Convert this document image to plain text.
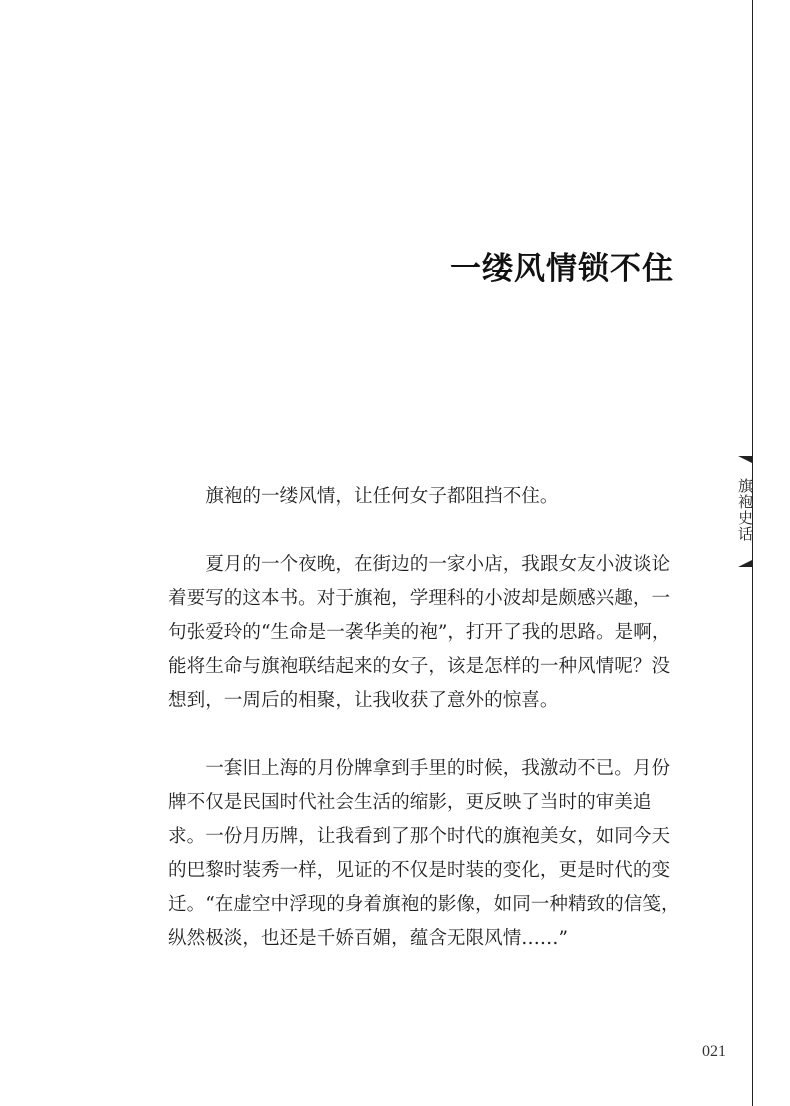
一缕风情锁不住

旗袍的一缕风情，让任何女子都阻挡不住。

夏月的一个夜晚，在街边的一家小店，我跟女友小波谈论着要写的这本书。对于旗袍，学理科的小波却是颇感兴趣，一句张爱玲的“生命是一袭华美的袍”，打开了我的思路。是啊，能将生命与旗袍联结起来的女子，该是怎样的一种风情呢？没想到，一周后的相聚，让我收获了意外的惊喜。

一套旧上海的月份牌拿到手里的时候，我激动不已。月份牌不仅是民国时代社会生活的缩影，更反映了当时的审美追求。一份月历牌，让我看到了那个时代的旗袍美女，如同今天的巴黎时装秀一样，见证的不仅是时装的变化，更是时代的变迁。“在虚空中浮现的身着旗袍的影像，如同一种精致的信笺，纵然极淡，也还是千娇百媚，蕴含无限风情……”

旗袍史话
021
